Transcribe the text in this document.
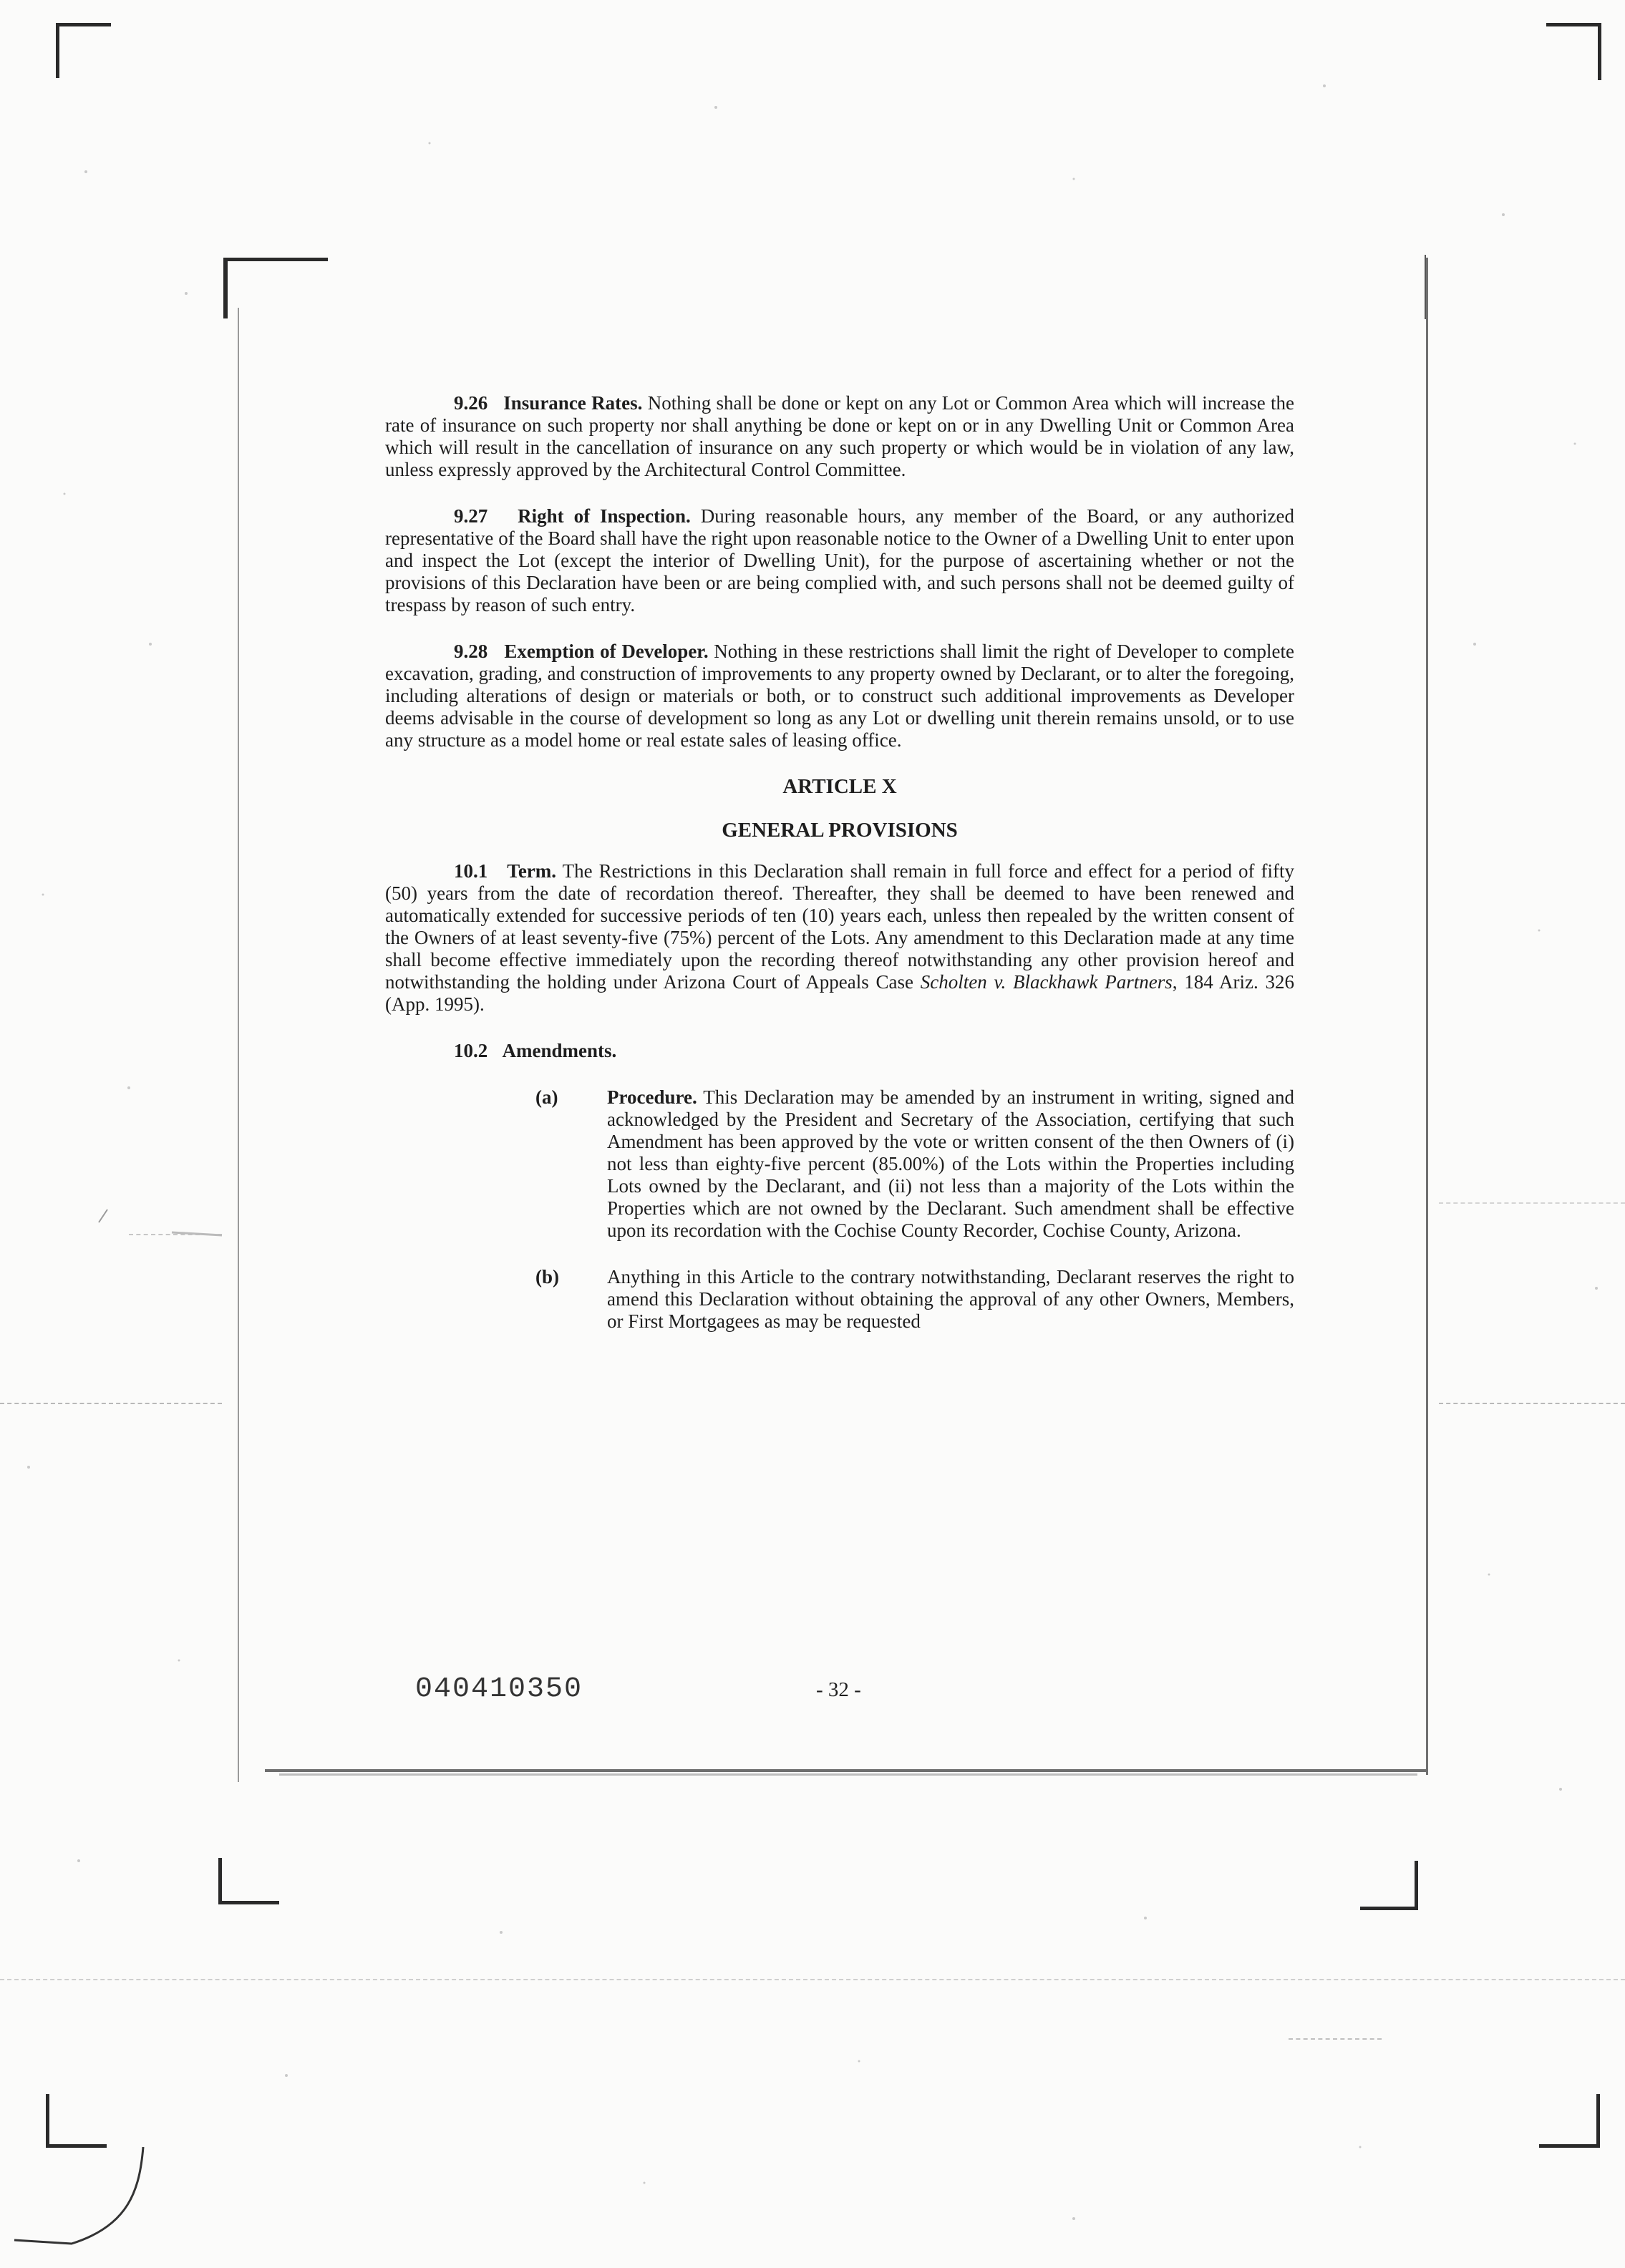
9.26 Insurance Rates. Nothing shall be done or kept on any Lot or Common Area which will increase the rate of insurance on such property nor shall anything be done or kept on or in any Dwelling Unit or Common Area which will result in the cancellation of insurance on any such property or which would be in violation of any law, unless expressly approved by the Architectural Control Committee.

9.27 Right of Inspection. During reasonable hours, any member of the Board, or any authorized representative of the Board shall have the right upon reasonable notice to the Owner of a Dwelling Unit to enter upon and inspect the Lot (except the interior of Dwelling Unit), for the purpose of ascertaining whether or not the provisions of this Declaration have been or are being complied with, and such persons shall not be deemed guilty of trespass by reason of such entry.

9.28 Exemption of Developer. Nothing in these restrictions shall limit the right of Developer to complete excavation, grading, and construction of improvements to any property owned by Declarant, or to alter the foregoing, including alterations of design or materials or both, or to construct such additional improvements as Developer deems advisable in the course of development so long as any Lot or dwelling unit therein remains unsold, or to use any structure as a model home or real estate sales of leasing office.

ARTICLE X
GENERAL PROVISIONS

10.1 Term. The Restrictions in this Declaration shall remain in full force and effect for a period of fifty (50) years from the date of recordation thereof. Thereafter, they shall be deemed to have been renewed and automatically extended for successive periods of ten (10) years each, unless then repealed by the written consent of the Owners of at least seventy-five (75%) percent of the Lots. Any amendment to this Declaration made at any time shall become effective immediately upon the recording thereof notwithstanding any other provision hereof and notwithstanding the holding under Arizona Court of Appeals Case Scholten v. Blackhawk Partners, 184 Ariz. 326 (App. 1995).

10.2 Amendments.
(a)	Procedure. This Declaration may be amended by an instrument in writing, signed and acknowledged by the President and Secretary of the Association, certifying that such Amendment has been approved by the vote or written consent of the then Owners of (i) not less than eighty-five percent (85.00%) of the Lots within the Properties including Lots owned by the Declarant, and (ii) not less than a majority of the Lots within the Properties which are not owned by the Declarant. Such amendment shall be effective upon its recordation with the Cochise County Recorder, Cochise County, Arizona.
(b)	Anything in this Article to the contrary notwithstanding, Declarant reserves the right to amend this Declaration without obtaining the approval of any other Owners, Members, or First Mortgagees as may be requested
040410350	- 32 -
